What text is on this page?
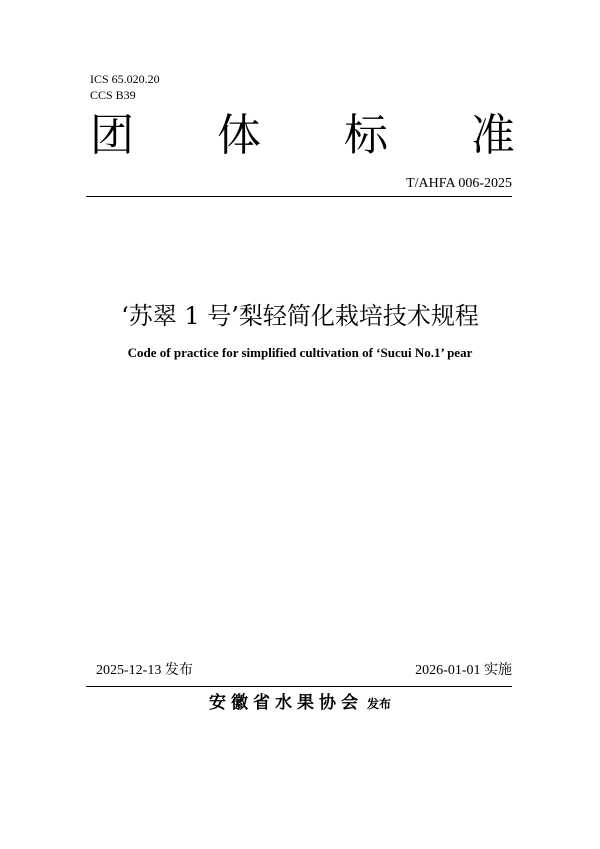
ICS 65.020.20
CCS B39
团 体 标 准
T/AHFA 006-2025
‘苏翠 1 号’梨轻简化栽培技术规程
Code of practice for simplified cultivation of ‘Sucui No.1’ pear
2025-12-13 发布	2026-01-01 实施
安徽省水果协会 发布
